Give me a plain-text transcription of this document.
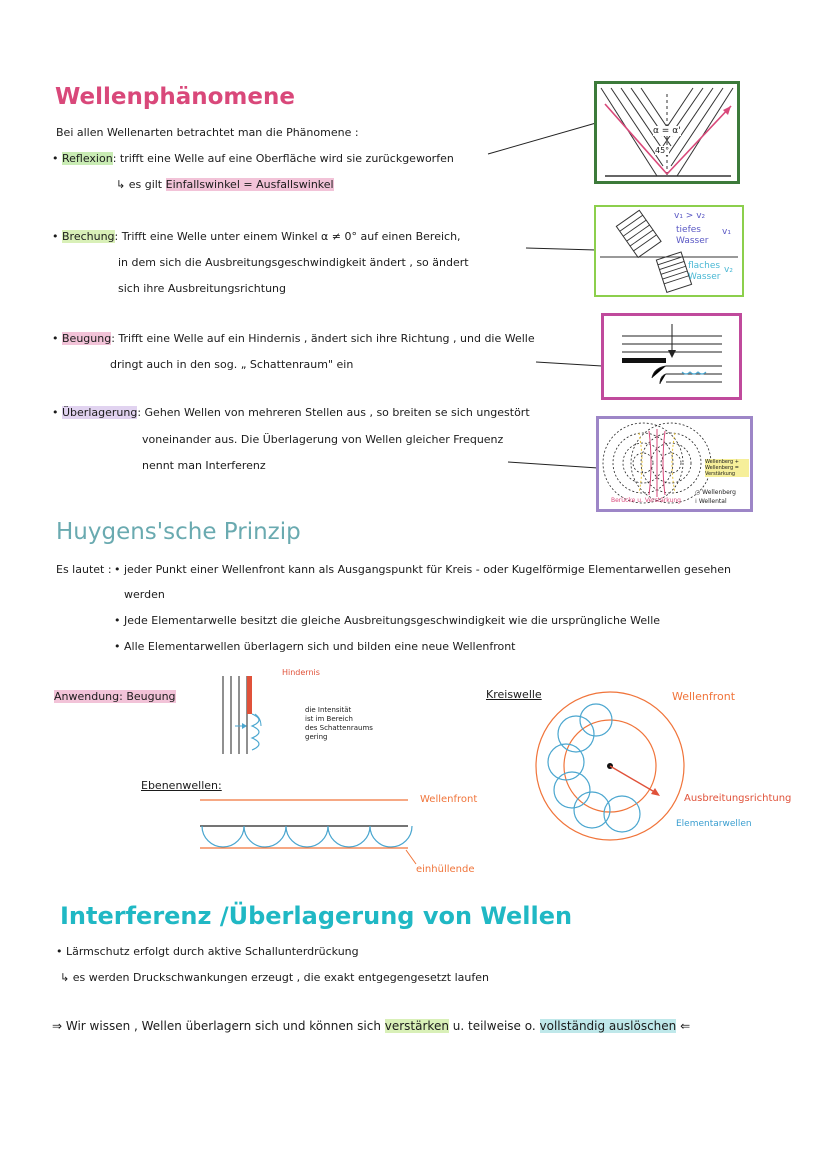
Wellenphänomene
Bei allen Wellenarten betrachtet man die Phänomene :
• Reflexion: trifft eine Welle auf eine Oberfläche wird sie zurückgeworfen
↳ es gilt Einfallswinkel = Ausfallswinkel
• Brechung: Trifft eine Welle unter einem Winkel α ≠ 0° auf einen Bereich,
in dem sich die Ausbreitungsgeschwindigkeit ändert , so ändert
sich ihre Ausbreitungsrichtung
• Beugung: Trifft eine Welle auf ein Hindernis , ändert sich ihre Richtung , und die Welle
dringt auch in den sog. „ Schattenraum" ein
• Überlagerung: Gehen Wellen von mehreren Stellen aus , so breiten se sich ungestört
voneinander aus. Die Überlagerung von Wellen gleicher Frequenz
nennt man Interferenz
α = α'
45°
v₁ > v₂
tiefes
Wasser
v₁
flaches
Wasser
v₂
Berücke u. Verstärkung
Wellenberg + Wellenberg = Verstärkung
○ Wellenberg
⁞ Wellental
Huygens'sche Prinzip
Es lautet : • jeder Punkt einer Wellenfront kann als Ausgangspunkt für Kreis - oder Kugelförmige Elementarwellen gesehen
werden
• Jede Elementarwelle besitzt die gleiche Ausbreitungsgeschwindigkeit wie die ursprüngliche Welle
• Alle Elementarwellen überlagern sich und bilden eine neue Wellenfront
Anwendung: Beugung
Hindernis
die Intensität
ist im Bereich
des Schattenraums
gering
Kreiswelle	Wellenfront
Ausbreitungsrichtung
Elementarwellen
Ebenenwellen:
Wellenfront
einhüllende
Interferenz /Überlagerung von Wellen
• Lärmschutz erfolgt durch aktive Schallunterdrückung
↳ es werden Druckschwankungen erzeugt , die exakt entgegengesetzt laufen
⇒ Wir wissen , Wellen überlagern sich und können sich verstärken u. teilweise o. vollständig auslöschen ⇐
